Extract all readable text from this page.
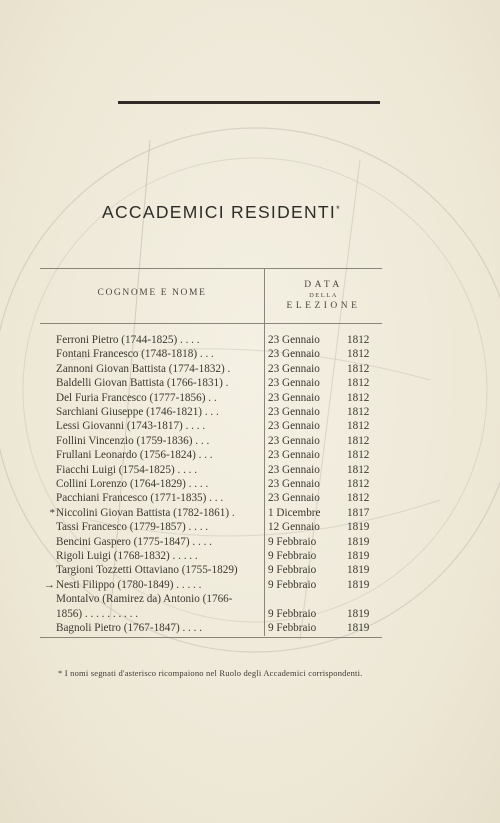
ACCADEMICI RESIDENTI*
COGNOME E NOME
DATA
DELLA
ELEZIONE
Ferroni Pietro (1744-1825) . . . .	23 Gennaio	1812
Fontani Francesco (1748-1818) . . .	23 Gennaio	1812
Zannoni Giovan Battista (1774-1832) .	23 Gennaio	1812
Baldelli Giovan Battista (1766-1831) .	23 Gennaio	1812
Del Furia Francesco (1777-1856) . .	23 Gennaio	1812
Sarchiani Giuseppe (1746-1821) . . .	23 Gennaio	1812
Lessi Giovanni (1743-1817) . . . .	23 Gennaio	1812
Follini Vincenzio (1759-1836) . . .	23 Gennaio	1812
Frullani Leonardo (1756-1824) . . .	23 Gennaio	1812
Fiacchi Luigi (1754-1825) . . . .	23 Gennaio	1812
Collini Lorenzo (1764-1829) . . . .	23 Gennaio	1812
Pacchiani Francesco (1771-1835) . . .	23 Gennaio	1812
* Niccolini Giovan Battista (1782-1861) .	1 Dicembre	1817
Tassi Francesco (1779-1857) . . . .	12 Gennaio	1819
Bencini Gaspero (1775-1847) . . . .	9 Febbraio	1819
Rigoli Luigi (1768-1832) . . . . .	9 Febbraio	1819
Targioni Tozzetti Ottaviano (1755-1829)	9 Febbraio	1819
→ Nesti Filippo (1780-1849) . . . . .	9 Febbraio	1819
Montalvo (Ramirez da) Antonio (1766-
1856) . . . . . . . . . .	9 Febbraio	1819
Bagnoli Pietro (1767-1847) . . . .	9 Febbraio	1819
* I nomi segnati d'asterisco ricompaiono nel Ruolo degli Accademici corrispondenti.
